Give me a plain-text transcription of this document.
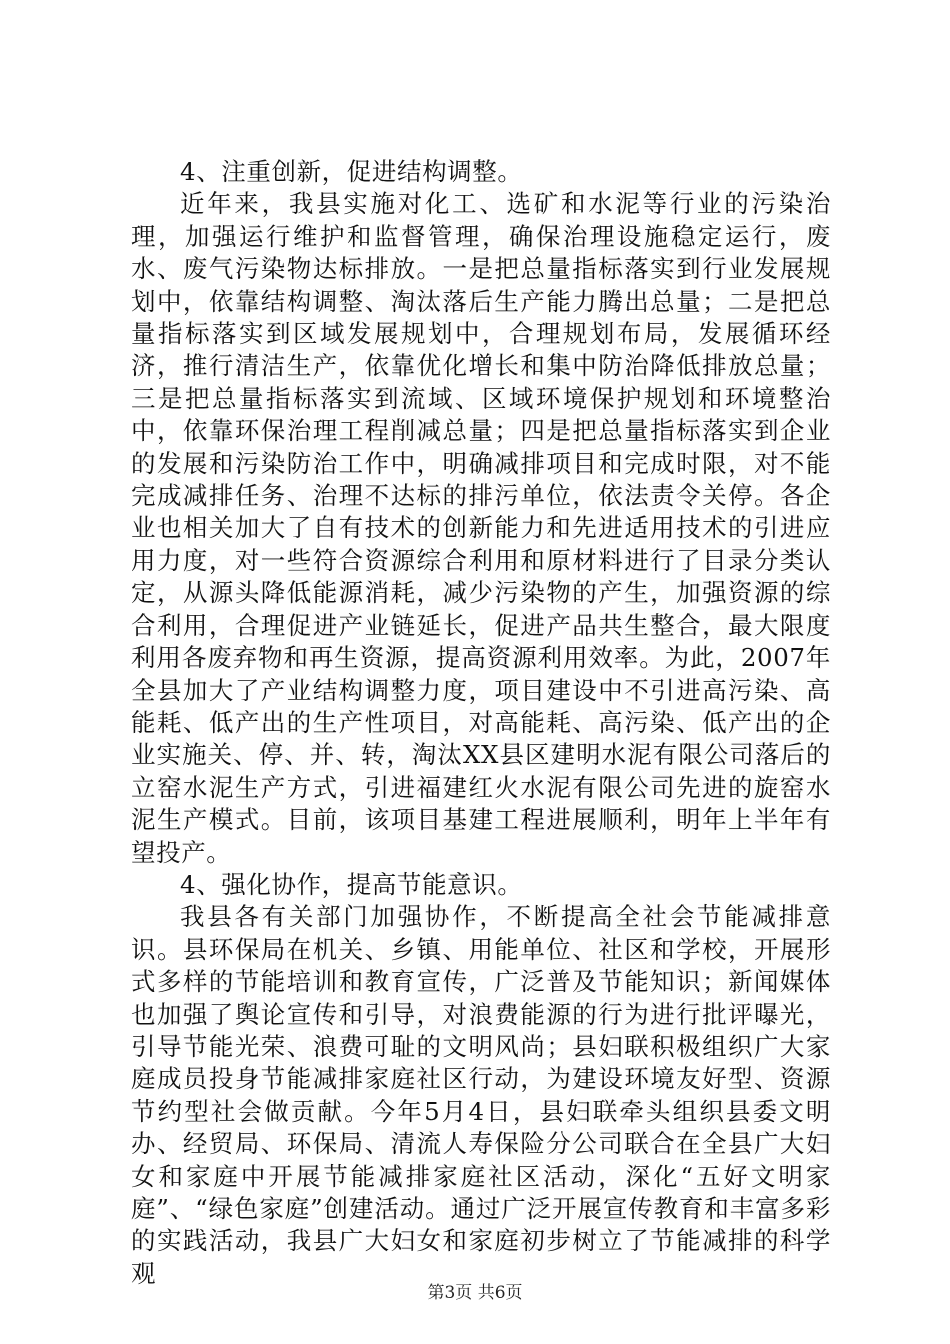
4、注重创新，促进结构调整。

近年来，我县实施对化工、选矿和水泥等行业的污染治理，加强运行维护和监督管理，确保治理设施稳定运行，废水、废气污染物达标排放。一是把总量指标落实到行业发展规划中，依靠结构调整、淘汰落后生产能力腾出总量；二是把总量指标落实到区域发展规划中，合理规划布局，发展循环经济，推行清洁生产，依靠优化增长和集中防治降低排放总量；三是把总量指标落实到流域、区域环境保护规划和环境整治中，依靠环保治理工程削减总量；四是把总量指标落实到企业的发展和污染防治工作中，明确减排项目和完成时限，对不能完成减排任务、治理不达标的排污单位，依法责令关停。各企业也相关加大了自有技术的创新能力和先进适用技术的引进应用力度，对一些符合资源综合利用和原材料进行了目录分类认定，从源头降低能源消耗，减少污染物的产生，加强资源的综合利用，合理促进产业链延长，促进产品共生整合，最大限度利用各废弃物和再生资源，提高资源利用效率。为此，2007年全县加大了产业结构调整力度，项目建设中不引进高污染、高能耗、低产出的生产性项目，对高能耗、高污染、低产出的企业实施关、停、并、转，淘汰XX县区建明水泥有限公司落后的立窑水泥生产方式，引进福建红火水泥有限公司先进的旋窑水泥生产模式。目前，该项目基建工程进展顺利，明年上半年有望投产。

4、强化协作，提高节能意识。

我县各有关部门加强协作，不断提高全社会节能减排意识。县环保局在机关、乡镇、用能单位、社区和学校，开展形式多样的节能培训和教育宣传，广泛普及节能知识；新闻媒体也加强了舆论宣传和引导，对浪费能源的行为进行批评曝光，引导节能光荣、浪费可耻的文明风尚；县妇联积极组织广大家庭成员投身节能减排家庭社区行动，为建设环境友好型、资源节约型社会做贡献。今年5月4日，县妇联牵头组织县委文明办、经贸局、环保局、清流人寿保险分公司联合在全县广大妇女和家庭中开展节能减排家庭社区活动，深化“五好文明家庭”、“绿色家庭”创建活动。通过广泛开展宣传教育和丰富多彩的实践活动，我县广大妇女和家庭初步树立了节能减排的科学观

第3页 共6页
